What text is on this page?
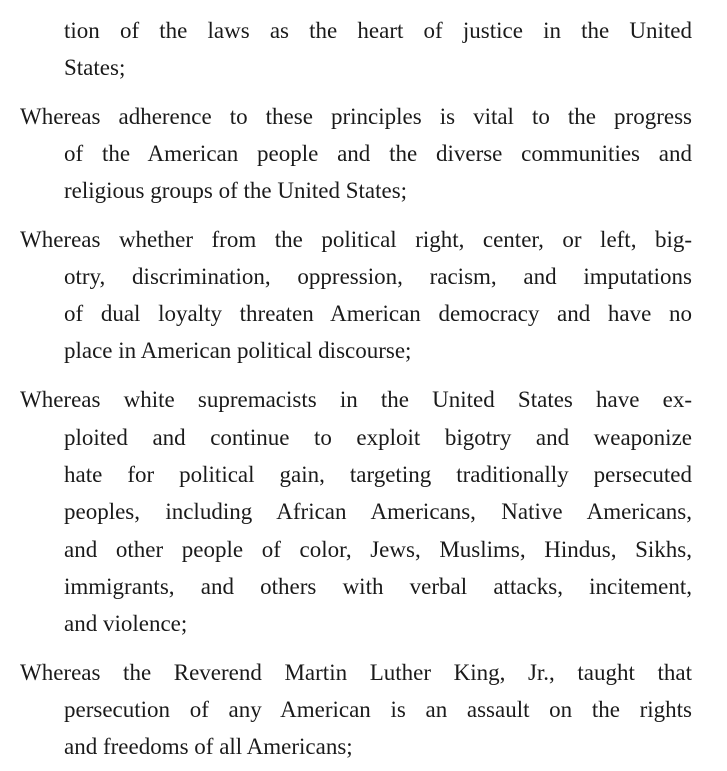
tion of the laws as the heart of justice in the United
States;
Whereas adherence to these principles is vital to the progress
of the American people and the diverse communities and
religious groups of the United States;
Whereas whether from the political right, center, or left, big-
otry, discrimination, oppression, racism, and imputations
of dual loyalty threaten American democracy and have no
place in American political discourse;
Whereas white supremacists in the United States have ex-
ploited and continue to exploit bigotry and weaponize
hate for political gain, targeting traditionally persecuted
peoples, including African Americans, Native Americans,
and other people of color, Jews, Muslims, Hindus, Sikhs,
immigrants, and others with verbal attacks, incitement,
and violence;
Whereas the Reverend Martin Luther King, Jr., taught that
persecution of any American is an assault on the rights
and freedoms of all Americans;
